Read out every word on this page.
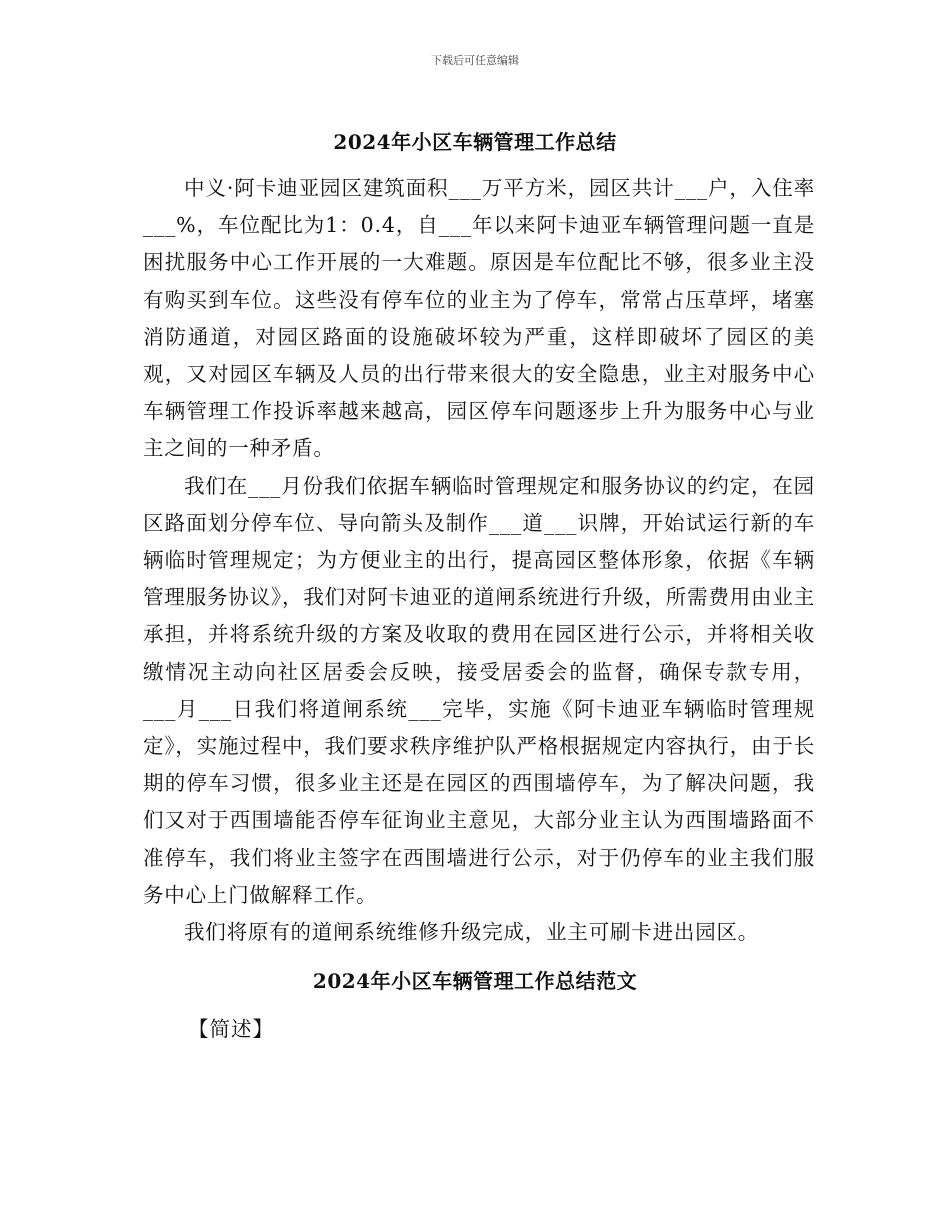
下载后可任意编辑
2024年小区车辆管理工作总结

中义·阿卡迪亚园区建筑面积___万平方米，园区共计___户，入住率___%，车位配比为1：0.4，自___年以来阿卡迪亚车辆管理问题一直是困扰服务中心工作开展的一大难题。原因是车位配比不够，很多业主没有购买到车位。这些没有停车位的业主为了停车，常常占压草坪，堵塞消防通道，对园区路面的设施破坏较为严重，这样即破坏了园区的美观，又对园区车辆及人员的出行带来很大的安全隐患，业主对服务中心车辆管理工作投诉率越来越高，园区停车问题逐步上升为服务中心与业主之间的一种矛盾。

我们在___月份我们依据车辆临时管理规定和服务协议的约定，在园区路面划分停车位、导向箭头及制作___道___识牌，开始试运行新的车辆临时管理规定；为方便业主的出行，提高园区整体形象，依据《车辆管理服务协议》，我们对阿卡迪亚的道闸系统进行升级，所需费用由业主承担，并将系统升级的方案及收取的费用在园区进行公示，并将相关收缴情况主动向社区居委会反映，接受居委会的监督，确保专款专用，___月___日我们将道闸系统___完毕，实施《阿卡迪亚车辆临时管理规定》，实施过程中，我们要求秩序维护队严格根据规定内容执行，由于长期的停车习惯，很多业主还是在园区的西围墙停车，为了解决问题，我们又对于西围墙能否停车征询业主意见，大部分业主认为西围墙路面不准停车，我们将业主签字在西围墙进行公示，对于仍停车的业主我们服务中心上门做解释工作。

我们将原有的道闸系统维修升级完成，业主可刷卡进出园区。

2024年小区车辆管理工作总结范文
【简述】
